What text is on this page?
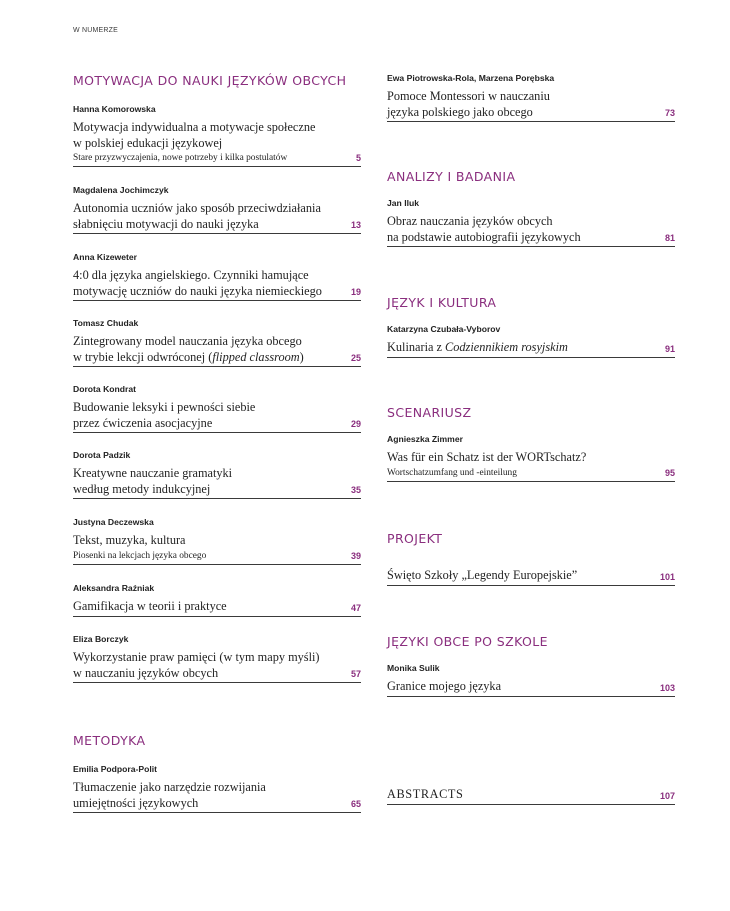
W NUMERZE
MOTYWACJA DO NAUKI JĘZYKÓW OBCYCH
Hanna Komorowska
Motywacja indywidualna a motywacje społeczne
w polskiej edukacji językowej
Stare przyzwyczajenia, nowe potrzeby i kilka postulatów	5
Magdalena Jochimczyk
Autonomia uczniów jako sposób przeciwdziałania
słabnięciu motywacji do nauki języka	13
Anna Kizeweter
4:0 dla języka angielskiego. Czynniki hamujące
motywację uczniów do nauki języka niemieckiego	19
Tomasz Chudak
Zintegrowany model nauczania języka obcego
w trybie lekcji odwróconej (flipped classroom)	25
Dorota Kondrat
Budowanie leksyki i pewności siebie
przez ćwiczenia asocjacyjne	29
Dorota Padzik
Kreatywne nauczanie gramatyki
według metody indukcyjnej	35
Justyna Deczewska
Tekst, muzyka, kultura
Piosenki na lekcjach języka obcego	39
Aleksandra Raźniak
Gamifikacja w teorii i praktyce	47
Eliza Borczyk
Wykorzystanie praw pamięci (w tym mapy myśli)
w nauczaniu języków obcych	57
METODYKA
Emilia Podpora-Polit
Tłumaczenie jako narzędzie rozwijania
umiejętności językowych	65
Ewa Piotrowska-Rola, Marzena Porębska
Pomoce Montessori w nauczaniu
języka polskiego jako obcego	73
ANALIZY I BADANIA
Jan Iluk
Obraz nauczania języków obcych
na podstawie autobiografii językowych	81
JĘZYK I KULTURA
Katarzyna Czubała-Vyborov
Kulinaria z Codziennikiem rosyjskim	91
SCENARIUSZ
Agnieszka Zimmer
Was für ein Schatz ist der WORTschatz?
Wortschatzumfang und -einteilung	95
PROJEKT
Święto Szkoły „Legendy Europejskie”	101
JĘZYKI OBCE PO SZKOLE
Monika Sulik
Granice mojego języka	103
ABSTRACTS	107
